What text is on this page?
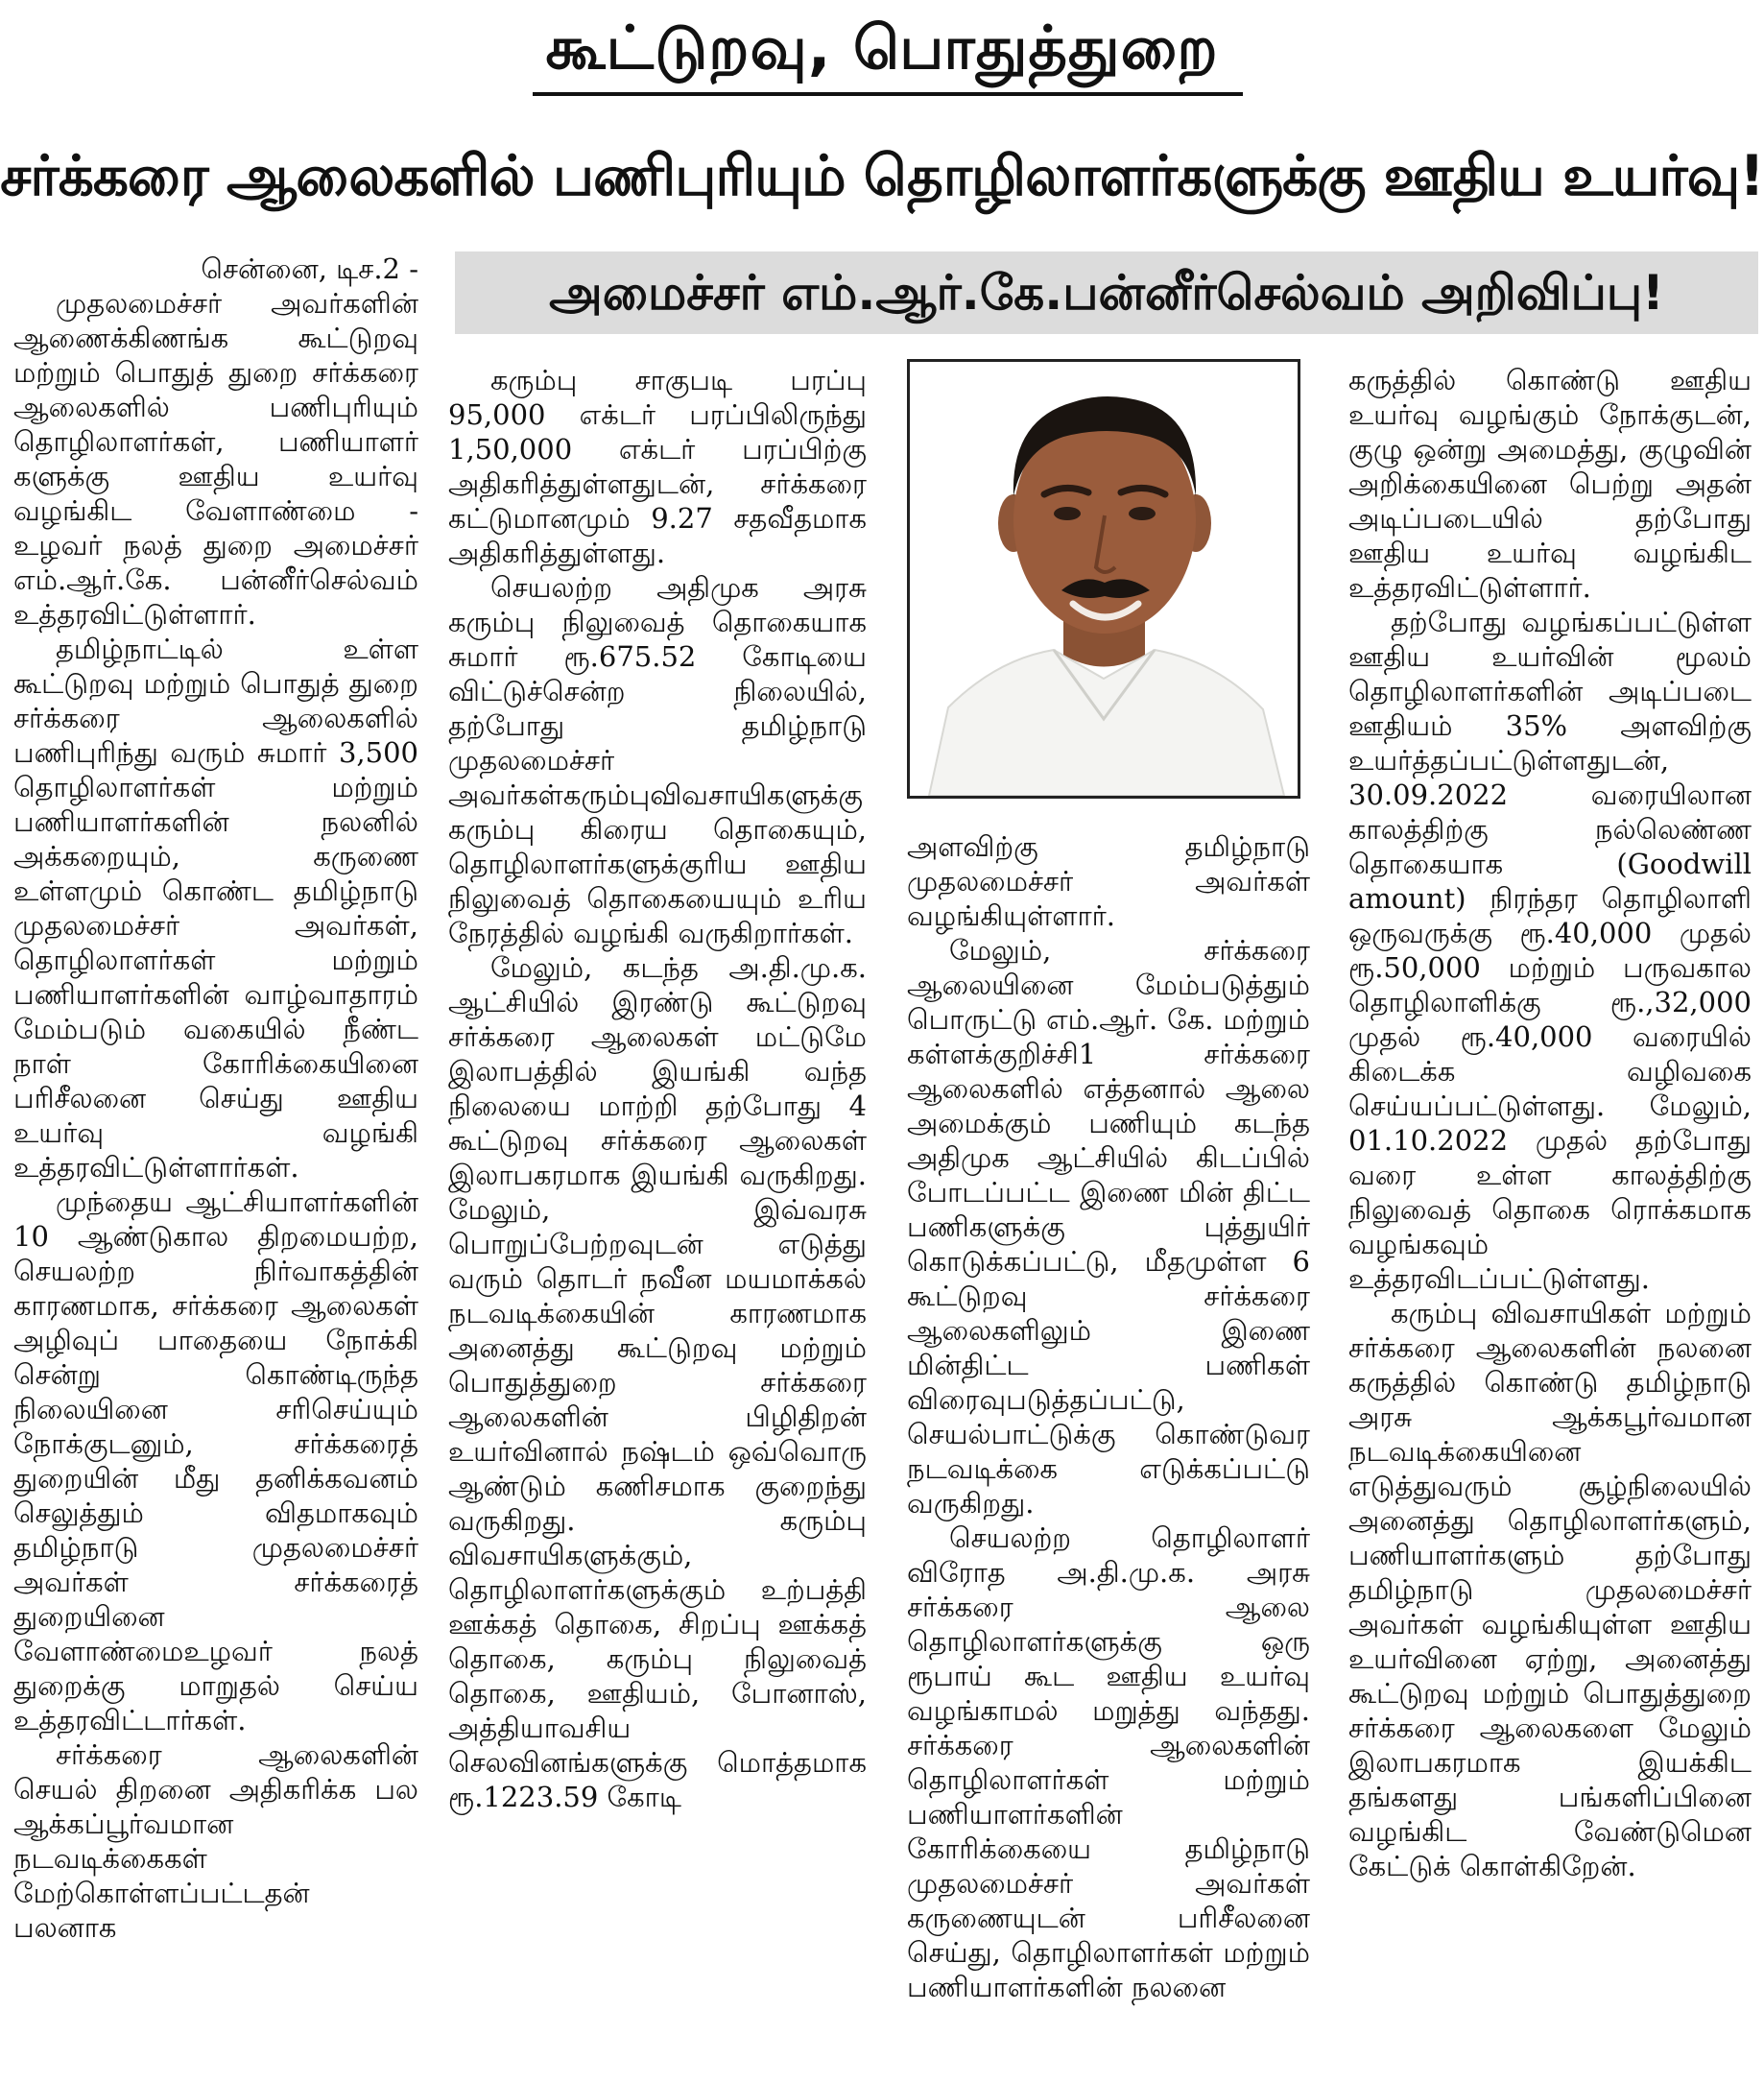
கூட்டுறவு, பொதுத்துறை
சர்க்கரை ஆலைகளில் பணிபுரியும் தொழிலாளர்களுக்கு ஊதிய உயர்வு!
அமைச்சர் எம்.ஆர்.கே.பன்னீர்செல்வம் அறிவிப்பு!
சென்னை, டிச.2 -

முதலமைச்சர் அவர்களின் ஆணைக்கிணங்க கூட்டுறவு மற்றும் பொதுத் துறை சர்க்கரை ஆலைகளில் பணிபுரியும் தொழிலாளர்கள், பணியாளர் களுக்கு ஊதிய உயர்வு வழங்கிட வேளாண்மை - உழவர் நலத் துறை அமைச்சர் எம்.ஆர்.கே. பன்னீர்செல்வம் உத்தரவிட்டுள்ளார்.

தமிழ்நாட்டில் உள்ள கூட்டுறவு மற்றும் பொதுத் துறை சர்க்கரை ஆலைகளில் பணிபுரிந்து வரும் சுமார் 3,500 தொழிலாளர்கள் மற்றும் பணியாளர்களின் நலனில் அக்கறையும், கருணை உள்ளமும் கொண்ட தமிழ்நாடு முதலமைச்சர் அவர்கள், தொழிலாளர்கள் மற்றும் பணியாளர்களின் வாழ்வாதாரம் மேம்படும் வகையில் நீண்ட நாள் கோரிக்கையினை பரிசீலனை செய்து ஊதிய உயர்வு வழங்கி உத்தரவிட்டுள்ளார்கள்.

முந்தைய ஆட்சியாளர்களின் 10 ஆண்டுகால திறமையற்ற, செயலற்ற நிர்வாகத்தின் காரணமாக, சர்க்கரை ஆலைகள் அழிவுப் பாதையை நோக்கி சென்று கொண்டிருந்த நிலையினை சரிசெய்யும் நோக்குடனும், சர்க்கரைத் துறையின் மீது தனிக்கவனம் செலுத்தும் விதமாகவும் தமிழ்நாடு முதலமைச்சர் அவர்கள் சர்க்கரைத் துறையினை வேளாண்மைஉழவர் நலத் துறைக்கு மாறுதல் செய்ய உத்தரவிட்டார்கள்.

சர்க்கரை ஆலைகளின் செயல் திறனை அதிகரிக்க பல ஆக்கப்பூர்வமான நடவடிக்கைகள் மேற்கொள்ளப்பட்டதன் பலனாக

கரும்பு சாகுபடி பரப்பு 95,000 எக்டர் பரப்பிலிருந்து 1,50,000 எக்டர் பரப்பிற்கு அதிகரித்துள்ளதுடன், சர்க்கரை கட்டுமானமும் 9.27 சதவீதமாக அதிகரித்துள்ளது.

செயலற்ற அதிமுக அரசு கரும்பு நிலுவைத் தொகையாக சுமார் ரூ.675.52 கோடியை விட்டுச்சென்ற நிலையில், தற்போது தமிழ்நாடு முதலமைச்சர் அவர்கள்கரும்புவிவசாயிகளுக்கு கரும்பு கிரைய தொகையும், தொழிலாளர்களுக்குரிய ஊதிய நிலுவைத் தொகையையும் உரிய நேரத்தில் வழங்கி வருகிறார்கள்.

மேலும், கடந்த அ.தி.மு.க. ஆட்சியில் இரண்டு கூட்டுறவு சர்க்கரை ஆலைகள் மட்டுமே இலாபத்தில் இயங்கி வந்த நிலையை மாற்றி தற்போது 4 கூட்டுறவு சர்க்கரை ஆலைகள் இலாபகரமாக இயங்கி வருகிறது. மேலும், இவ்வரசு பொறுப்பேற்றவுடன் எடுத்து வரும் தொடர் நவீன மயமாக்கல் நடவடிக்கையின் காரணமாக அனைத்து கூட்டுறவு மற்றும் பொதுத்துறை சர்க்கரை ஆலைகளின் பிழிதிறன் உயர்வினால் நஷ்டம் ஒவ்வொரு ஆண்டும் கணிசமாக குறைந்து வருகிறது. கரும்பு விவசாயிகளுக்கும், தொழிலாளர்களுக்கும் உற்பத்தி ஊக்கத் தொகை, சிறப்பு ஊக்கத் தொகை, கரும்பு நிலுவைத் தொகை, ஊதியம், போனாஸ், அத்தியாவசிய செலவினங்களுக்கு மொத்தமாக ரூ.1223.59 கோடி

அளவிற்கு தமிழ்நாடு முதலமைச்சர் அவர்கள் வழங்கியுள்ளார்.

மேலும், சர்க்கரை ஆலையினை மேம்படுத்தும் பொருட்டு எம்.ஆர். கே. மற்றும் கள்ளக்குறிச்சி1 சர்க்கரை ஆலைகளில் எத்தனால் ஆலை அமைக்கும் பணியும் கடந்த அதிமுக ஆட்சியில் கிடப்பில் போடப்பட்ட இணை மின் திட்ட பணிகளுக்கு புத்துயிர் கொடுக்கப்பட்டு, மீதமுள்ள 6 கூட்டுறவு சர்க்கரை ஆலைகளிலும் இணை மின்திட்ட பணிகள் விரைவுபடுத்தப்பட்டு, செயல்பாட்டுக்கு கொண்டுவர நடவடிக்கை எடுக்கப்பட்டு வருகிறது.

செயலற்ற தொழிலாளர் விரோத அ.தி.மு.க. அரசு சர்க்கரை ஆலை தொழிலாளர்களுக்கு ஒரு ரூபாய் கூட ஊதிய உயர்வு வழங்காமல் மறுத்து வந்தது. சர்க்கரை ஆலைகளின் தொழிலாளர்கள் மற்றும் பணியாளர்களின் கோரிக்கையை தமிழ்நாடு முதலமைச்சர் அவர்கள் கருணையுடன் பரிசீலனை செய்து, தொழிலாளர்கள் மற்றும் பணியாளர்களின் நலனை

கருத்தில் கொண்டு ஊதிய உயர்வு வழங்கும் நோக்குடன், குழு ஒன்று அமைத்து, குழுவின் அறிக்கையினை பெற்று அதன் அடிப்படையில் தற்போது ஊதிய உயர்வு வழங்கிட உத்தரவிட்டுள்ளார்.

தற்போது வழங்கப்பட்டுள்ள ஊதிய உயர்வின் மூலம் தொழிலாளர்களின் அடிப்படை ஊதியம் 35% அளவிற்கு உயர்த்தப்பட்டுள்ளதுடன், 30.09.2022 வரையிலான காலத்திற்கு நல்லெண்ண தொகையாக (Goodwill amount) நிரந்தர தொழிலாளி ஒருவருக்கு ரூ.40,000 முதல் ரூ.50,000 மற்றும் பருவகால தொழிலாளிக்கு ரூ.,32,000 முதல் ரூ.40,000 வரையில் கிடைக்க வழிவகை செய்யப்பட்டுள்ளது. மேலும், 01.10.2022 முதல் தற்போது வரை உள்ள காலத்திற்கு நிலுவைத் தொகை ரொக்கமாக வழங்கவும் உத்தரவிடப்பட்டுள்ளது.

கரும்பு விவசாயிகள் மற்றும் சர்க்கரை ஆலைகளின் நலனை கருத்தில் கொண்டு தமிழ்நாடு அரசு ஆக்கபூர்வமான நடவடிக்கையினை எடுத்துவரும் சூழ்நிலையில் அனைத்து தொழிலாளர்களும், பணியாளர்களும் தற்போது தமிழ்நாடு முதலமைச்சர் அவர்கள் வழங்கியுள்ள ஊதிய உயர்வினை ஏற்று, அனைத்து கூட்டுறவு மற்றும் பொதுத்துறை சர்க்கரை ஆலைகளை மேலும் இலாபகரமாக இயக்கிட தங்களது பங்களிப்பினை வழங்கிட வேண்டுமென கேட்டுக் கொள்கிறேன்.
